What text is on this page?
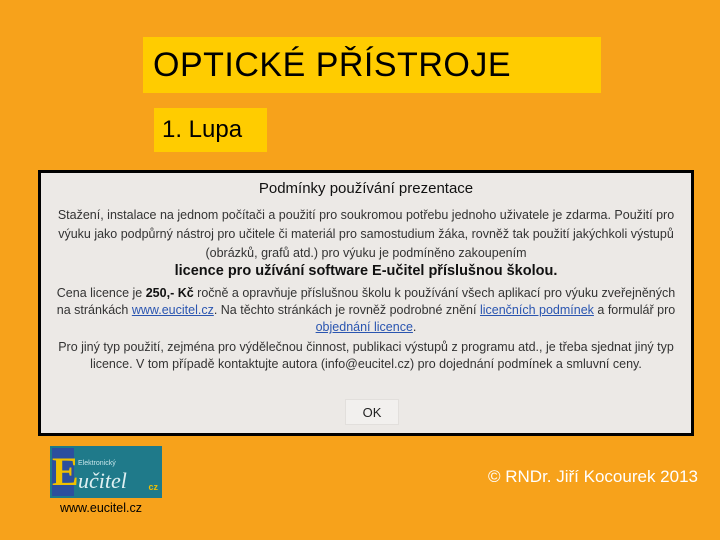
OPTICKÉ PŘÍSTROJE
1. Lupa
Podmínky používání prezentace
Stažení, instalace na jednom počítači a použití pro soukromou potřebu jednoho uživatele je zdarma. Použití pro výuku jako podpůrný nástroj pro učitele či materiál pro samostudium žáka, rovněž tak použití jakýchkoli výstupů (obrázků, grafů atd.) pro výuku je podmíněno zakoupením
licence pro užívání software E-učitel příslušnou školou.
Cena licence je 250,- Kč ročně a opravňuje příslušnou školu k používání všech aplikací pro výuku zveřejněných na stránkách www.eucitel.cz. Na těchto stránkách je rovněž podrobné znění licenčních podmínek a formulář pro objednání licence.
Pro jiný typ použití, zejména pro výdělečnou činnost, publikaci výstupů z programu atd., je třeba sjednat jiný typ licence. V tom případě kontaktujte autora (info@eucitel.cz) pro dojednání podmínek a smluvní ceny.
OK
E Elektronický
učitel cz
www.eucitel.cz
© RNDr. Jiří Kocourek 2013
